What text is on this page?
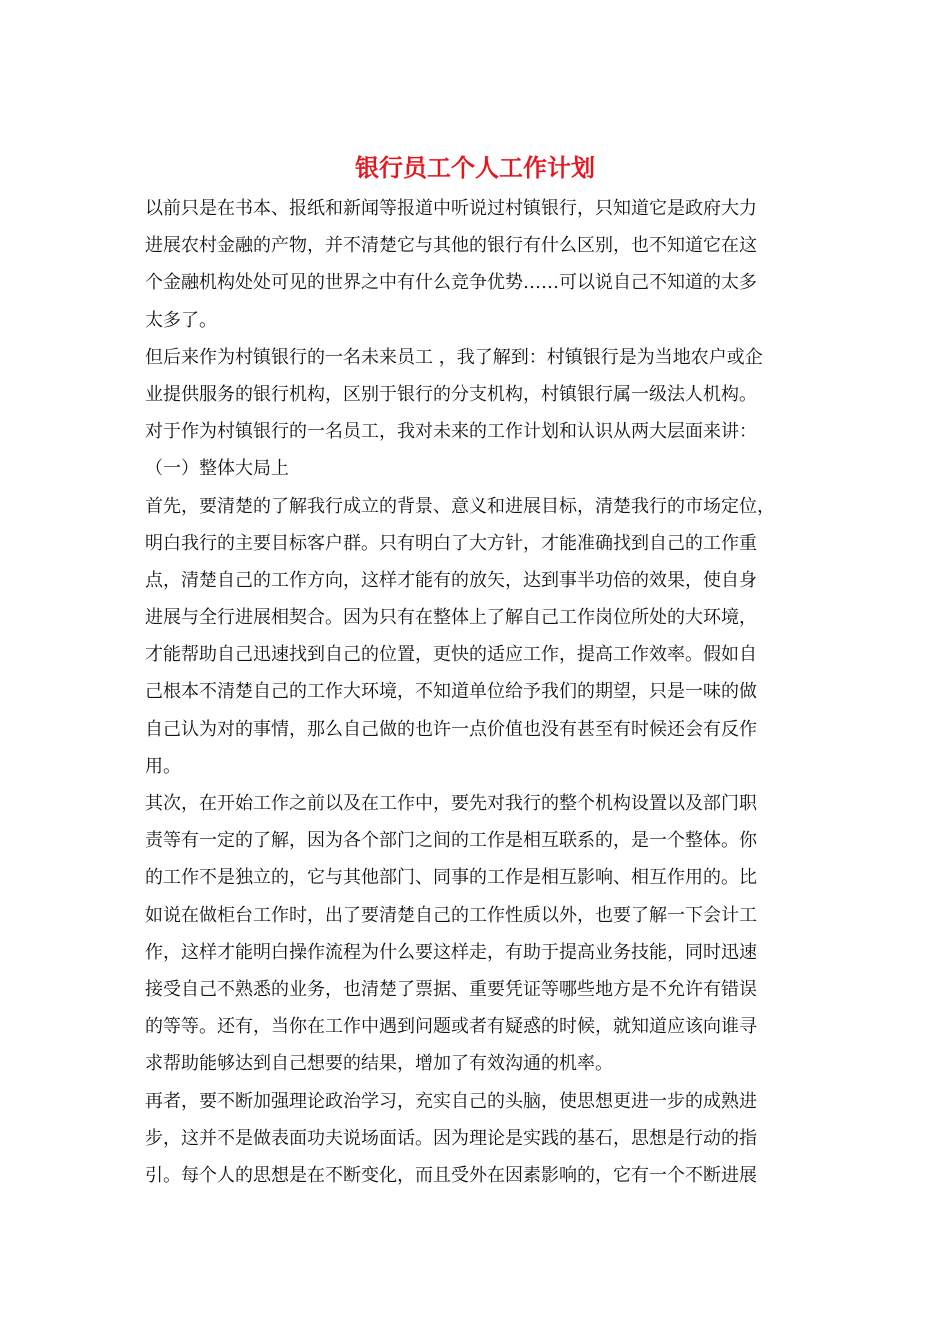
银行员工个人工作计划
以前只是在书本、报纸和新闻等报道中听说过村镇银行，只知道它是政府大力
进展农村金融的产物，并不清楚它与其他的银行有什么区别，也不知道它在这
个金融机构处处可见的世界之中有什么竞争优势……可以说自己不知道的太多
太多了。
但后来作为村镇银行的一名未来员工 ，我了解到：村镇银行是为当地农户或企
业提供服务的银行机构，区别于银行的分支机构，村镇银行属一级法人机构。
对于作为村镇银行的一名员工，我对未来的工作计划和认识从两大层面来讲：
（一）整体大局上
首先，要清楚的了解我行成立的背景、意义和进展目标，清楚我行的市场定位，
明白我行的主要目标客户群。只有明白了大方针，才能准确找到自己的工作重
点，清楚自己的工作方向，这样才能有的放矢，达到事半功倍的效果，使自身
进展与全行进展相契合。因为只有在整体上了解自己工作岗位所处的大环境，
才能帮助自己迅速找到自己的位置，更快的适应工作，提高工作效率。假如自
己根本不清楚自己的工作大环境，不知道单位给予我们的期望，只是一味的做
自己认为对的事情，那么自己做的也许一点价值也没有甚至有时候还会有反作
用。
其次，在开始工作之前以及在工作中，要先对我行的整个机构设置以及部门职
责等有一定的了解，因为各个部门之间的工作是相互联系的，是一个整体。你
的工作不是独立的，它与其他部门、同事的工作是相互影响、相互作用的。比
如说在做柜台工作时，出了要清楚自己的工作性质以外，也要了解一下会计工
作，这样才能明白操作流程为什么要这样走，有助于提高业务技能，同时迅速
接受自己不熟悉的业务，也清楚了票据、重要凭证等哪些地方是不允许有错误
的等等。还有，当你在工作中遇到问题或者有疑惑的时候，就知道应该向谁寻
求帮助能够达到自己想要的结果，增加了有效沟通的机率。
再者，要不断加强理论政治学习，充实自己的头脑，使思想更进一步的成熟进
步，这并不是做表面功夫说场面话。因为理论是实践的基石，思想是行动的指
引。每个人的思想是在不断变化，而且受外在因素影响的，它有一个不断进展
